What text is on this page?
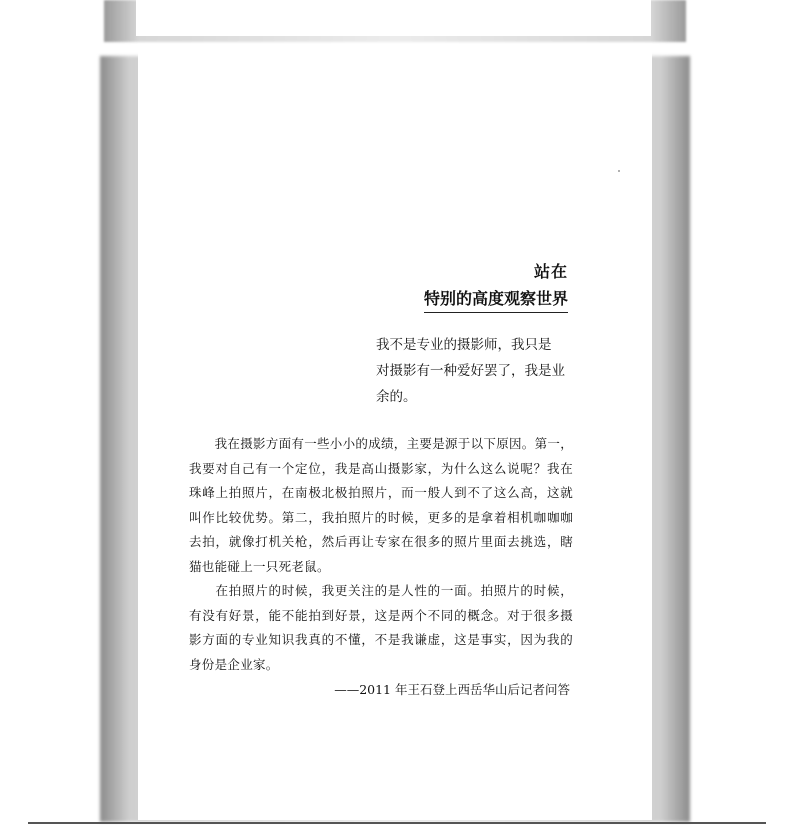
站在
特别的高度观察世界
我不是专业的摄影师，我只是
对摄影有一种爱好罢了，我是业
余的。

　　我在摄影方面有一些小小的成绩，主要是源于以下原因。第一，
我要对自己有一个定位，我是高山摄影家，为什么这么说呢？我在
珠峰上拍照片，在南极北极拍照片，而一般人到不了这么高，这就
叫作比较优势。第二，我拍照片的时候，更多的是拿着相机咖咖咖
去拍，就像打机关枪，然后再让专家在很多的照片里面去挑选，瞎
猫也能碰上一只死老鼠。

　　在拍照片的时候，我更关注的是人性的一面。拍照片的时候，
有没有好景，能不能拍到好景，这是两个不同的概念。对于很多摄
影方面的专业知识我真的不懂，不是我谦虚，这是事实，因为我的
身份是企业家。

——2011 年王石登上西岳华山后记者问答
